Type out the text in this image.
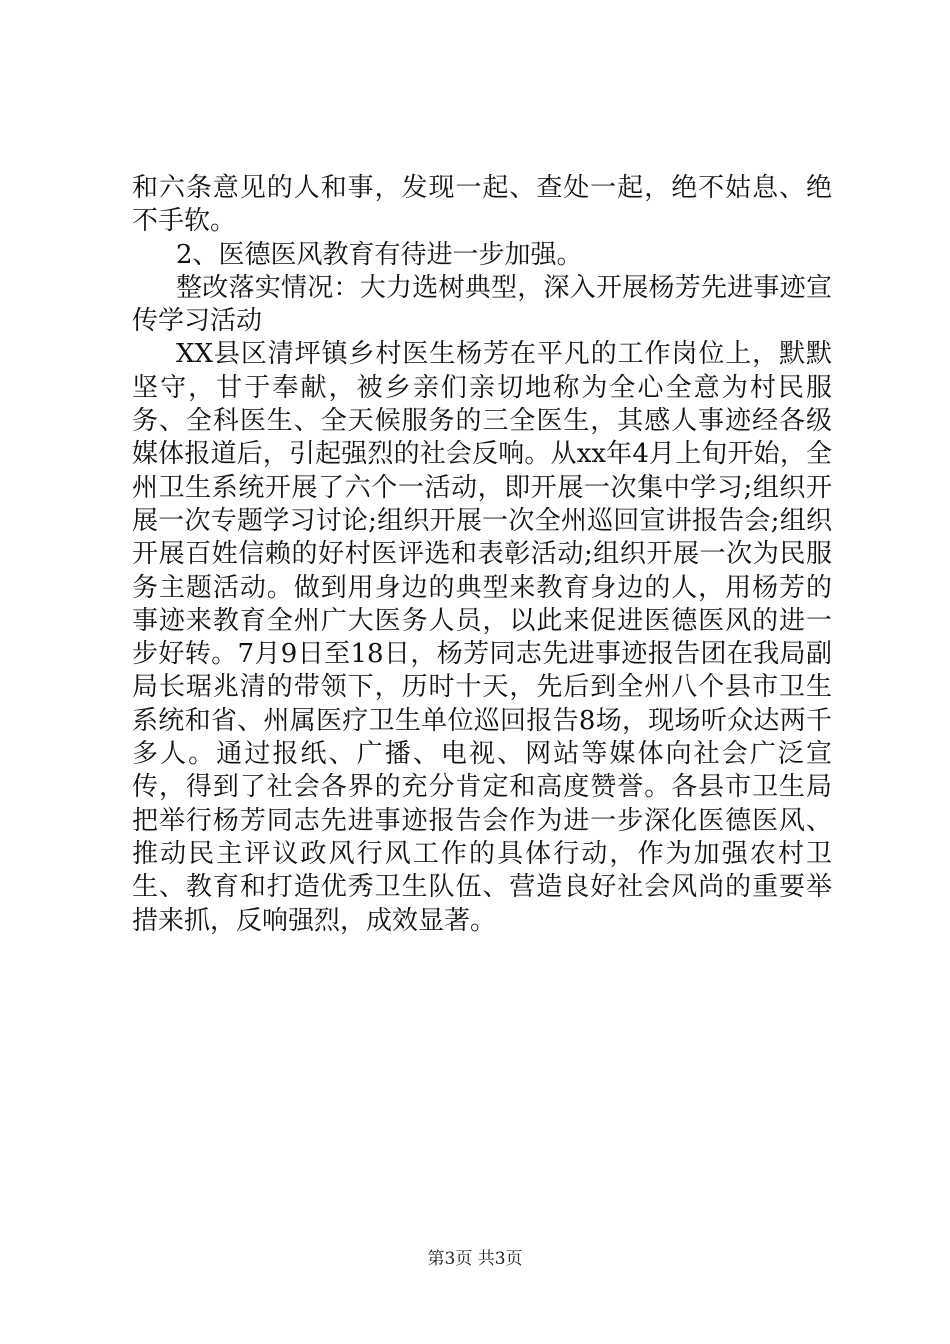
和六条意见的人和事，发现一起、查处一起，绝不姑息、绝不手软。

2、医德医风教育有待进一步加强。

整改落实情况：大力选树典型，深入开展杨芳先进事迹宣传学习活动

XX县区清坪镇乡村医生杨芳在平凡的工作岗位上，默默坚守，甘于奉献，被乡亲们亲切地称为全心全意为村民服务、全科医生、全天候服务的三全医生，其感人事迹经各级媒体报道后，引起强烈的社会反响。从xx年4月上旬开始，全州卫生系统开展了六个一活动，即开展一次集中学习;组织开展一次专题学习讨论;组织开展一次全州巡回宣讲报告会;组织开展百姓信赖的好村医评选和表彰活动;组织开展一次为民服务主题活动。做到用身边的典型来教育身边的人，用杨芳的事迹来教育全州广大医务人员，以此来促进医德医风的进一步好转。7月9日至18日，杨芳同志先进事迹报告团在我局副局长琚兆清的带领下，历时十天，先后到全州八个县市卫生系统和省、州属医疗卫生单位巡回报告8场，现场听众达两千多人。通过报纸、广播、电视、网站等媒体向社会广泛宣传，得到了社会各界的充分肯定和高度赞誉。各县市卫生局把举行杨芳同志先进事迹报告会作为进一步深化医德医风、推动民主评议政风行风工作的具体行动，作为加强农村卫生、教育和打造优秀卫生队伍、营造良好社会风尚的重要举措来抓，反响强烈，成效显著。

第3页 共3页
